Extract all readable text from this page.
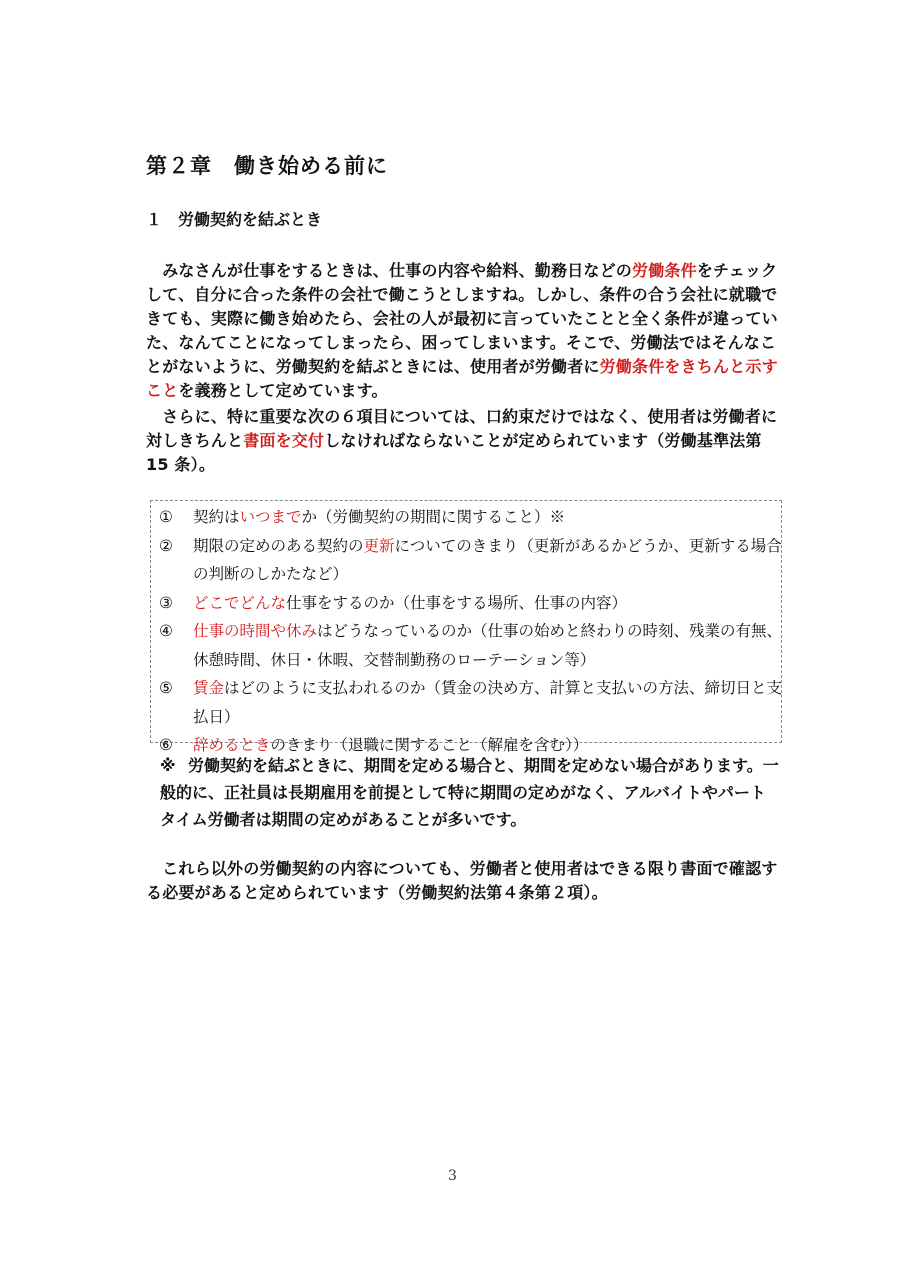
第２章　働き始める前に
１　労働契約を結ぶとき
　みなさんが仕事をするときは、仕事の内容や給料、勤務日などの労働条件をチェックして、自分に合った条件の会社で働こうとしますね。しかし、条件の合う会社に就職できても、実際に働き始めたら、会社の人が最初に言っていたことと全く条件が違っていた、なんてことになってしまったら、困ってしまいます。そこで、労働法ではそんなことがないように、労働契約を結ぶときには、使用者が労働者に労働条件をきちんと示すことを義務として定めています。
　さらに、特に重要な次の６項目については、口約束だけではなく、使用者は労働者に対しきちんと書面を交付しなければならないことが定められています（労働基準法第 15 条）。
①	契約はいつまでか（労働契約の期間に関すること）※
②	期限の定めのある契約の更新についてのきまり（更新があるかどうか、更新する場合の判断のしかたなど）
③	どこでどんな仕事をするのか（仕事をする場所、仕事の内容）
④	仕事の時間や休みはどうなっているのか（仕事の始めと終わりの時刻、残業の有無、休憩時間、休日・休暇、交替制勤務のローテーション等）
⑤	賃金はどのように支払われるのか（賃金の決め方、計算と支払いの方法、締切日と支払日）
⑥	辞めるときのきまり（退職に関すること（解雇を含む））
※ 労働契約を結ぶときに、期間を定める場合と、期間を定めない場合があります。一般的に、正社員は長期雇用を前提として特に期間の定めがなく、アルバイトやパートタイム労働者は期間の定めがあることが多いです。
　これら以外の労働契約の内容についても、労働者と使用者はできる限り書面で確認する必要があると定められています（労働契約法第４条第２項）。
3
